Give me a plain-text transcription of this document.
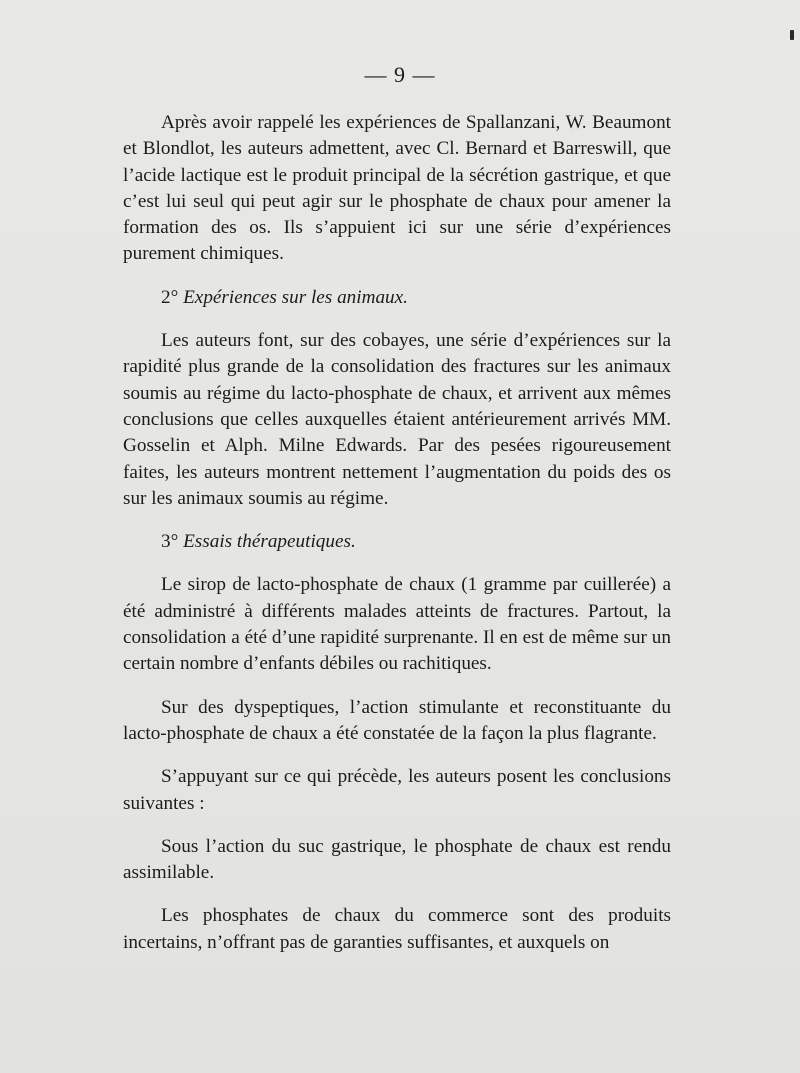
— 9 —

Après avoir rappelé les expériences de Spallanzani, W. Beaumont et Blondlot, les auteurs admettent, avec Cl. Bernard et Barreswill, que l’acide lactique est le produit principal de la sécrétion gastrique, et que c’est lui seul qui peut agir sur le phosphate de chaux pour amener la formation des os. Ils s’appuient ici sur une série d’expériences purement chimiques.

2° Expériences sur les animaux.

Les auteurs font, sur des cobayes, une série d’expériences sur la rapidité plus grande de la consolidation des fractures sur les animaux soumis au régime du lacto-phosphate de chaux, et arrivent aux mêmes conclusions que celles auxquelles étaient antérieurement arrivés MM. Gosselin et Alph. Milne Edwards. Par des pesées rigoureusement faites, les auteurs montrent nettement l’augmentation du poids des os sur les animaux soumis au régime.

3° Essais thérapeutiques.

Le sirop de lacto-phosphate de chaux (1 gramme par cuillerée) a été administré à différents malades atteints de fractures. Partout, la consolidation a été d’une rapidité surprenante. Il en est de même sur un certain nombre d’enfants débiles ou rachitiques.

Sur des dyspeptiques, l’action stimulante et reconstituante du lacto-phosphate de chaux a été constatée de la façon la plus flagrante.

S’appuyant sur ce qui précède, les auteurs posent les conclusions suivantes :

Sous l’action du suc gastrique, le phosphate de chaux est rendu assimilable.

Les phosphates de chaux du commerce sont des produits incertains, n’offrant pas de garanties suffisantes, et auxquels on
